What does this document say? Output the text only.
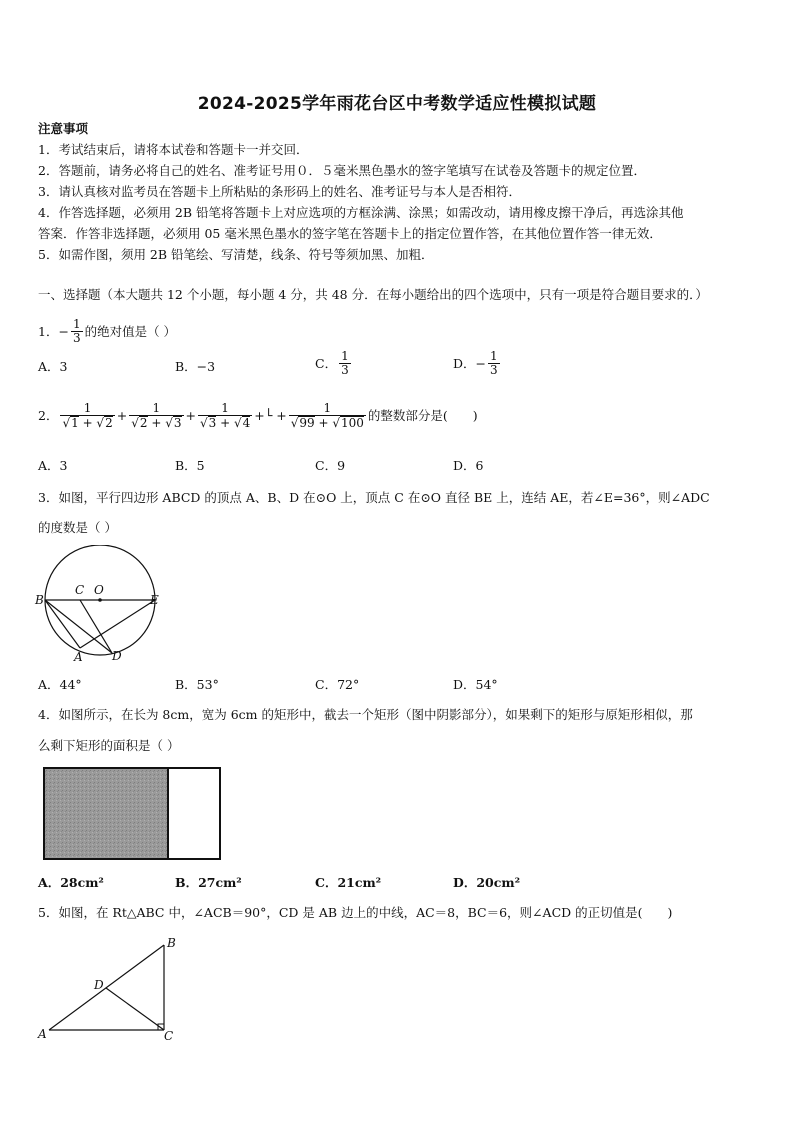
2024-2025学年雨花台区中考数学适应性模拟试题
注意事项
1．考试结束后，请将本试卷和答题卡一并交回．
2．答题前，请务必将自己的姓名、准考证号用０．５毫米黑色墨水的签字笔填写在试卷及答题卡的规定位置．
3．请认真核对监考员在答题卡上所粘贴的条形码上的姓名、准考证号与本人是否相符．
4．作答选择题，必须用 2B 铅笔将答题卡上对应选项的方框涂满、涂黑；如需改动，请用橡皮擦干净后，再选涂其他
答案．作答非选择题，必须用 05 毫米黑色墨水的签字笔在答题卡上的指定位置作答，在其他位置作答一律无效．
5．如需作图，须用 2B 铅笔绘、写清楚，线条、符号等须加黑、加粗．
一、选择题（本大题共 12 个小题，每小题 4 分，共 48 分．在每小题给出的四个选项中，只有一项是符合题目要求的．）
1． − $\frac{1}{3}$ 的绝对值是（ ）
A．3	B．−3	C． $\frac{1}{3}$	D．− $\frac{1}{3}$
2． $\frac{1}{√1 + √2} + \frac{1}{√2 + √3} + \frac{1}{√3 + √4}$ +└ + $\frac{1}{√99 + √100}$ 的整数部分是(　　)
A．3	B．5	C．9	D．6
3．如图，平行四边形 ABCD 的顶点 A、B、D 在⊙O 上，顶点 C 在⊙O 直径 BE 上，连结 AE，若∠E=36°，则∠ADC
的度数是（ ）
B
C O
E
A D
A．44°	B．53°	C．72°	D．54°
4．如图所示，在长为 8cm，宽为 6cm 的矩形中，截去一个矩形（图中阴影部分），如果剩下的矩形与原矩形相似，那
么剩下矩形的面积是（ ）
A．28cm²	B．27cm²	C．21cm²	D．20cm²
5．如图，在 Rt△ABC 中，∠ACB＝90°，CD 是 AB 边上的中线，AC＝8，BC＝6，则∠ACD 的正切值是(　　)
A
B
C
D
